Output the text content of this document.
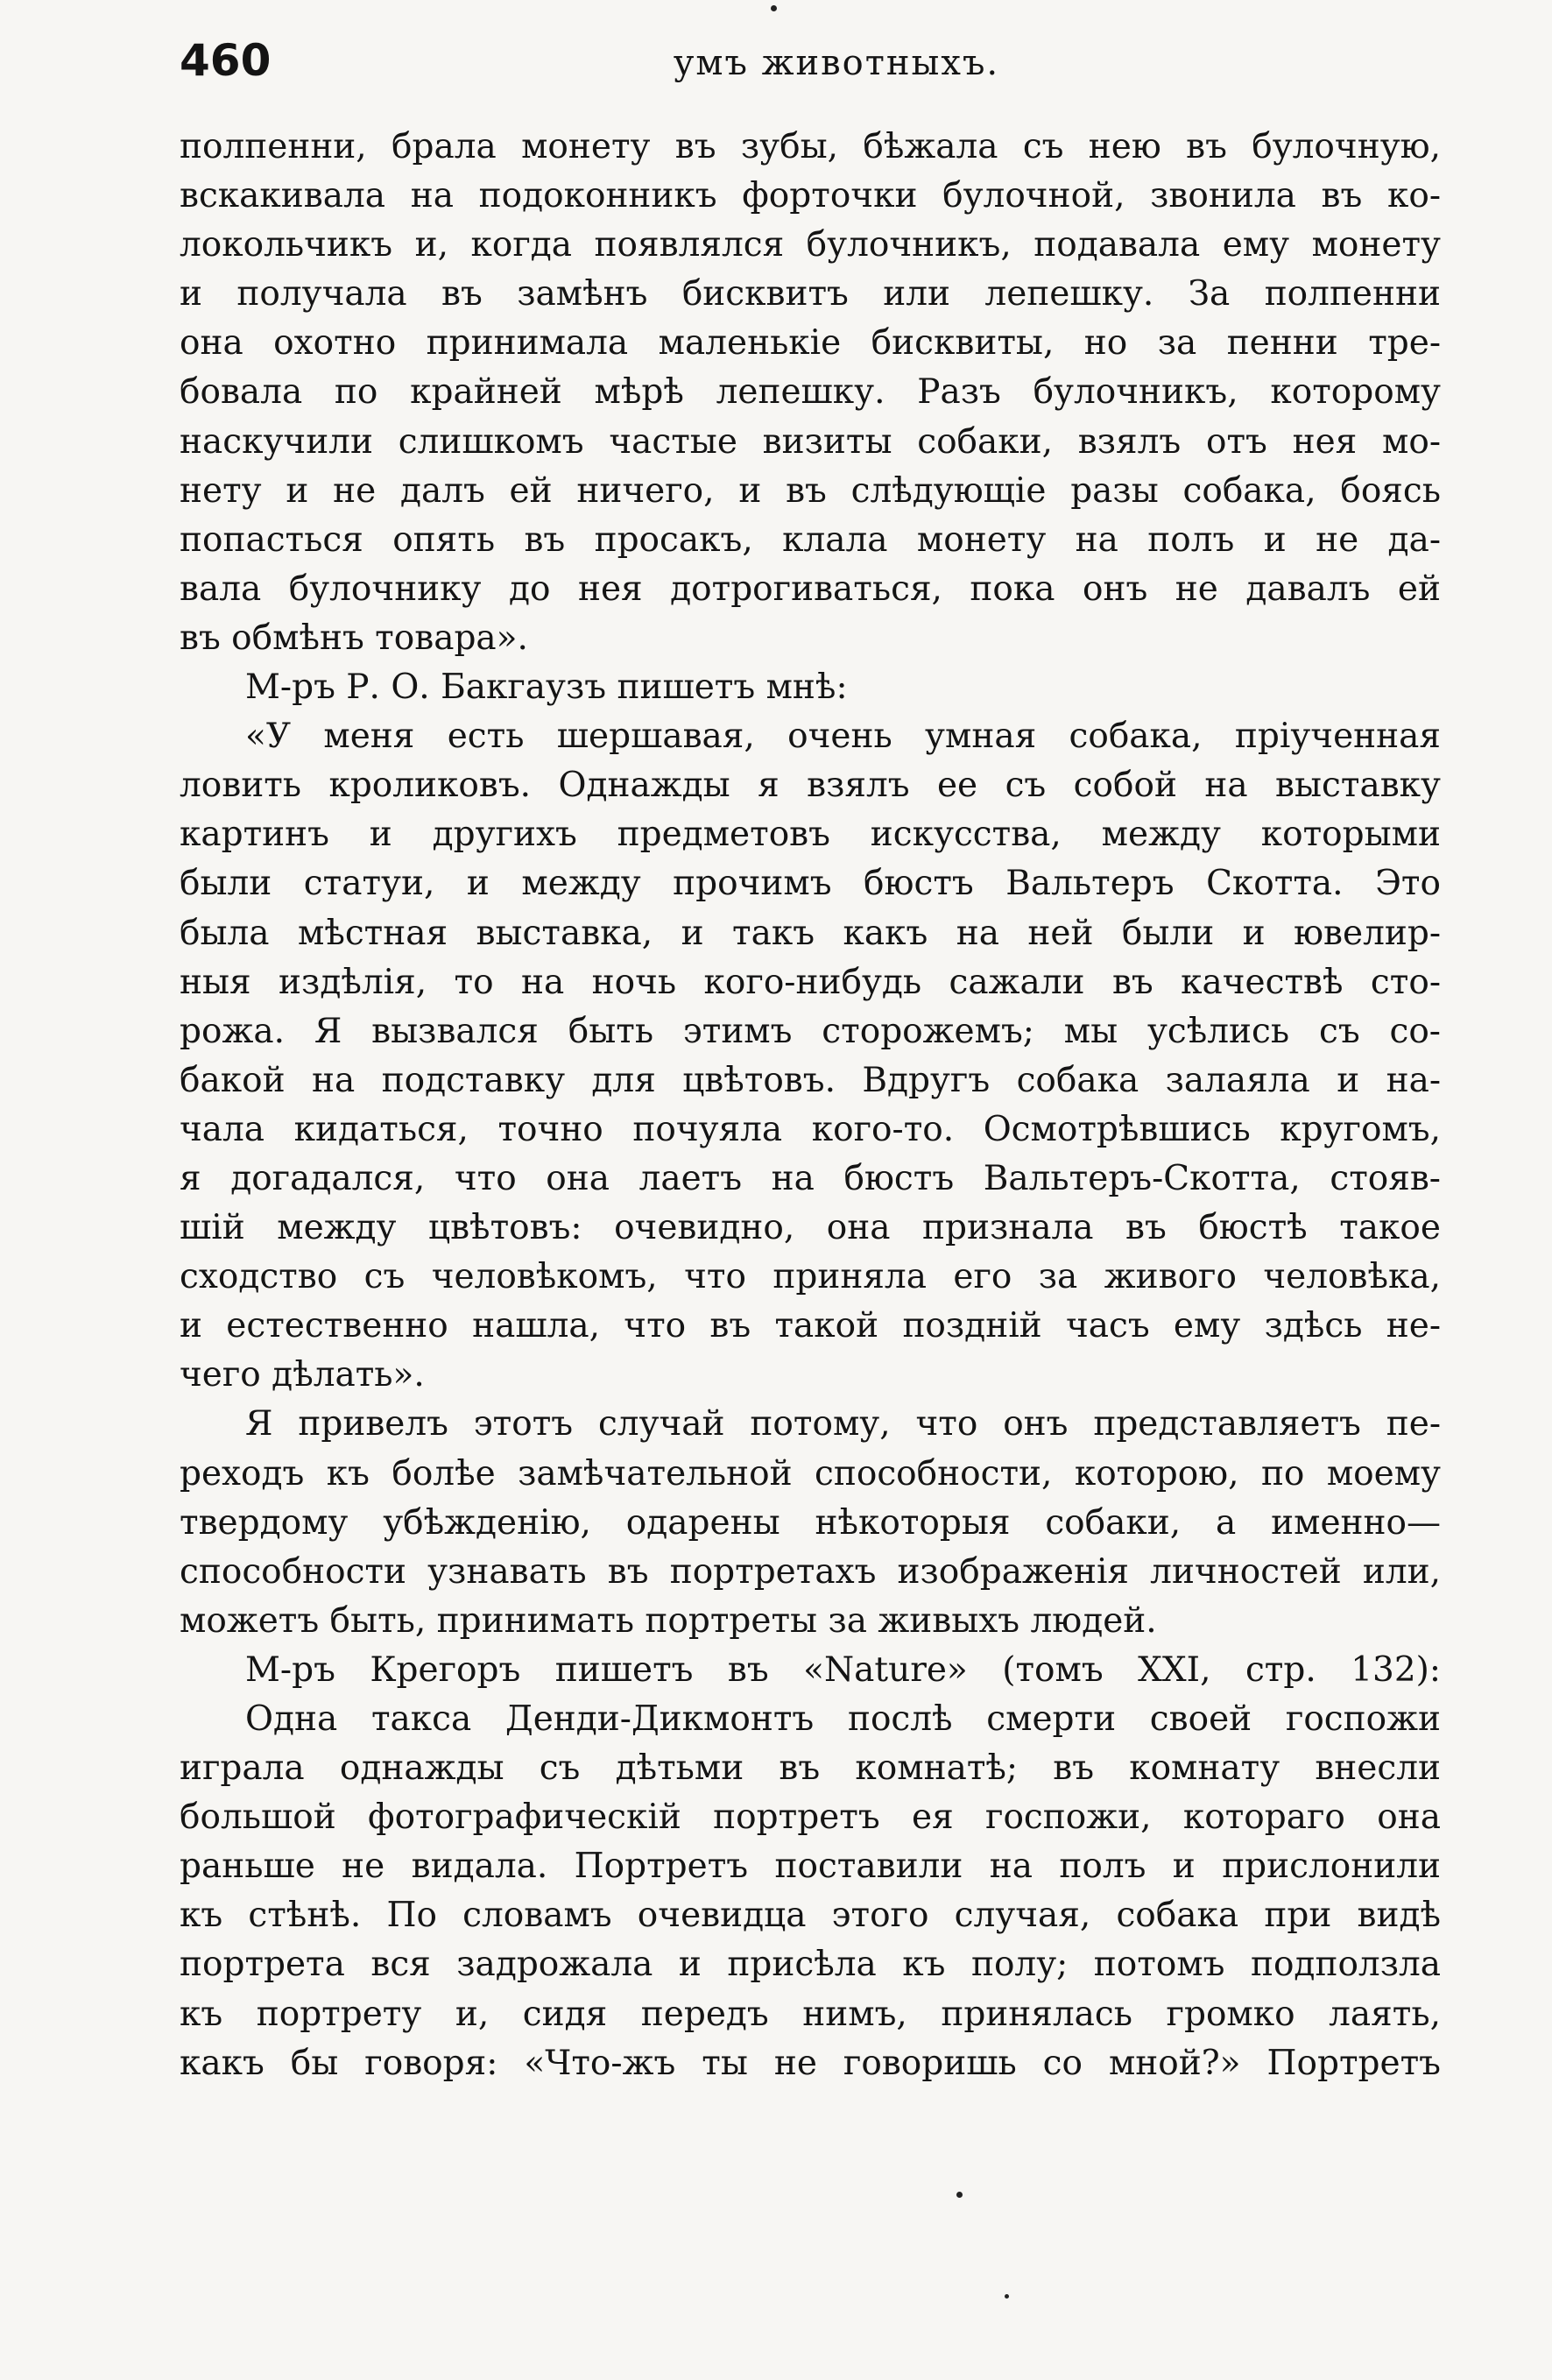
460	умъ животныхъ.
полпенни, брала монету въ зубы, бѣжала съ нею въ булочную,
вскакивала на подоконникъ форточки булочной, звонила въ ко-
локольчикъ и, когда появлялся булочникъ, подавала ему монету
и получала въ замѣнъ бисквитъ или лепешку. За полпенни
она охотно принимала маленькіе бисквиты, но за пенни тре-
бовала по крайней мѣрѣ лепешку. Разъ булочникъ, которому
наскучили слишкомъ частые визиты собаки, взялъ отъ нея мо-
нету и не далъ ей ничего, и въ слѣдующіе разы собака, боясь
попасться опять въ просакъ, клала монету на полъ и не да-
вала булочнику до нея дотрогиваться, пока онъ не давалъ ей
въ обмѣнъ товара».
М-ръ Р. О. Бакгаузъ пишетъ мнѣ:
«У меня есть шершавая, очень умная собака, пріученная
ловить кроликовъ. Однажды я взялъ ее съ собой на выставку
картинъ и другихъ предметовъ искусства, между которыми
были статуи, и между прочимъ бюстъ Вальтеръ Скотта. Это
была мѣстная выставка, и такъ какъ на ней были и ювелир-
ныя издѣлія, то на ночь кого-нибудь сажали въ качествѣ сто-
рожа. Я вызвался быть этимъ сторожемъ; мы усѣлись съ со-
бакой на подставку для цвѣтовъ. Вдругъ собака залаяла и на-
чала кидаться, точно почуяла кого-то. Осмотрѣвшись кругомъ,
я догадался, что она лаетъ на бюстъ Вальтеръ-Скотта, стояв-
шій между цвѣтовъ: очевидно, она признала въ бюстѣ такое
сходство съ человѣкомъ, что приняла его за живого человѣка,
и естественно нашла, что въ такой поздній часъ ему здѣсь не-
чего дѣлать».
Я привелъ этотъ случай потому, что онъ представляетъ пе-
реходъ къ болѣе замѣчательной способности, которою, по моему
твердому убѣжденію, одарены нѣкоторыя собаки, а именно—
способности узнавать въ портретахъ изображенія личностей или,
можетъ быть, принимать портреты за живыхъ людей.
М-ръ Крегоръ пишетъ въ «Nature» (томъ XXI, стр. 132):
Одна такса Денди-Дикмонтъ послѣ смерти своей госпожи
играла однажды съ дѣтьми въ комнатѣ; въ комнату внесли
большой фотографическій портретъ ея госпожи, котораго она
раньше не видала. Портретъ поставили на полъ и прислонили
къ стѣнѣ. По словамъ очевидца этого случая, собака при видѣ
портрета вся задрожала и присѣла къ полу; потомъ подползла
къ портрету и, сидя передъ нимъ, принялась громко лаять,
какъ бы говоря: «Что-жъ ты не говоришь со мной?» Портретъ
